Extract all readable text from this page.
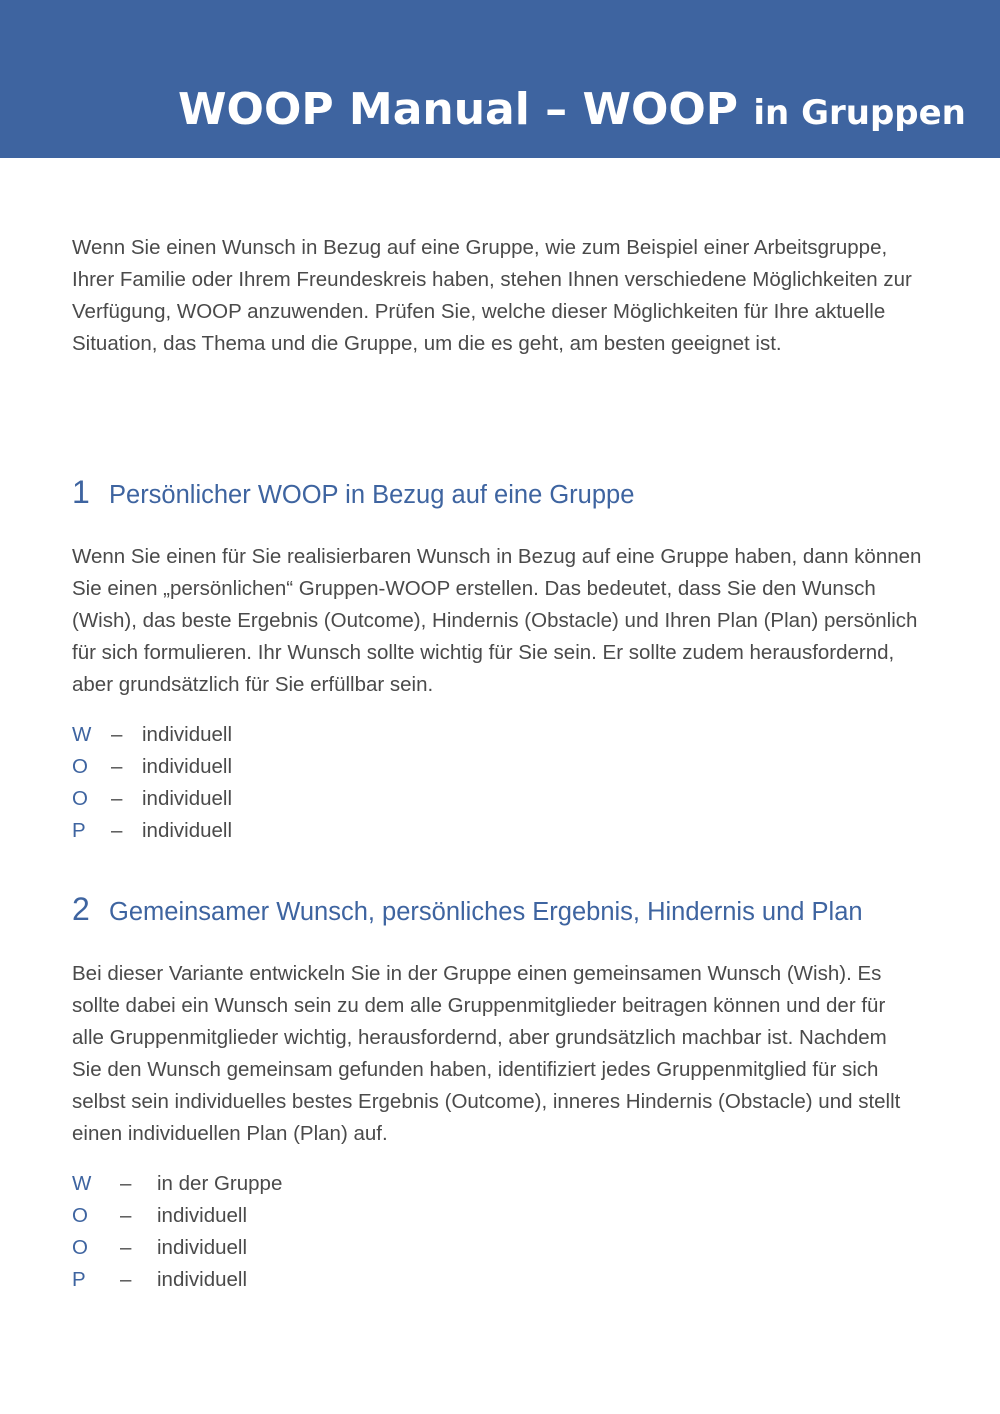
WOOP Manual – WOOP in Gruppen

Wenn Sie einen Wunsch in Bezug auf eine Gruppe, wie zum Beispiel einer Arbeitsgruppe, Ihrer Familie oder Ihrem Freundeskreis haben, stehen Ihnen verschiedene Möglichkeiten zur Verfügung, WOOP anzuwenden. Prüfen Sie, welche dieser Möglichkeiten für Ihre aktuelle Situation, das Thema und die Gruppe, um die es geht, am besten geeignet ist.

1 Persönlicher WOOP in Bezug auf eine Gruppe

Wenn Sie einen für Sie realisierbaren Wunsch in Bezug auf eine Gruppe haben, dann können Sie einen „persönlichen“ Gruppen-WOOP erstellen. Das bedeutet, dass Sie den Wunsch (Wish), das beste Ergebnis (Outcome), Hindernis (Obstacle) und Ihren Plan (Plan) persönlich für sich formulieren. Ihr Wunsch sollte wichtig für Sie sein. Er sollte zudem herausfordernd, aber grundsätzlich für Sie erfüllbar sein.

W – individuell
O – individuell
O – individuell
P – individuell
2 Gemeinsamer Wunsch, persönliches Ergebnis, Hindernis und Plan

Bei dieser Variante entwickeln Sie in der Gruppe einen gemeinsamen Wunsch (Wish). Es sollte dabei ein Wunsch sein zu dem alle Gruppenmitglieder beitragen können und der für alle Gruppenmitglieder wichtig, herausfordernd, aber grundsätzlich machbar ist. Nachdem Sie den Wunsch gemeinsam gefunden haben, identifiziert jedes Gruppenmitglied für sich selbst sein individuelles bestes Ergebnis (Outcome), inneres Hindernis (Obstacle) und stellt einen individuellen Plan (Plan) auf.

W – in der Gruppe
O – individuell
O – individuell
P – individuell
